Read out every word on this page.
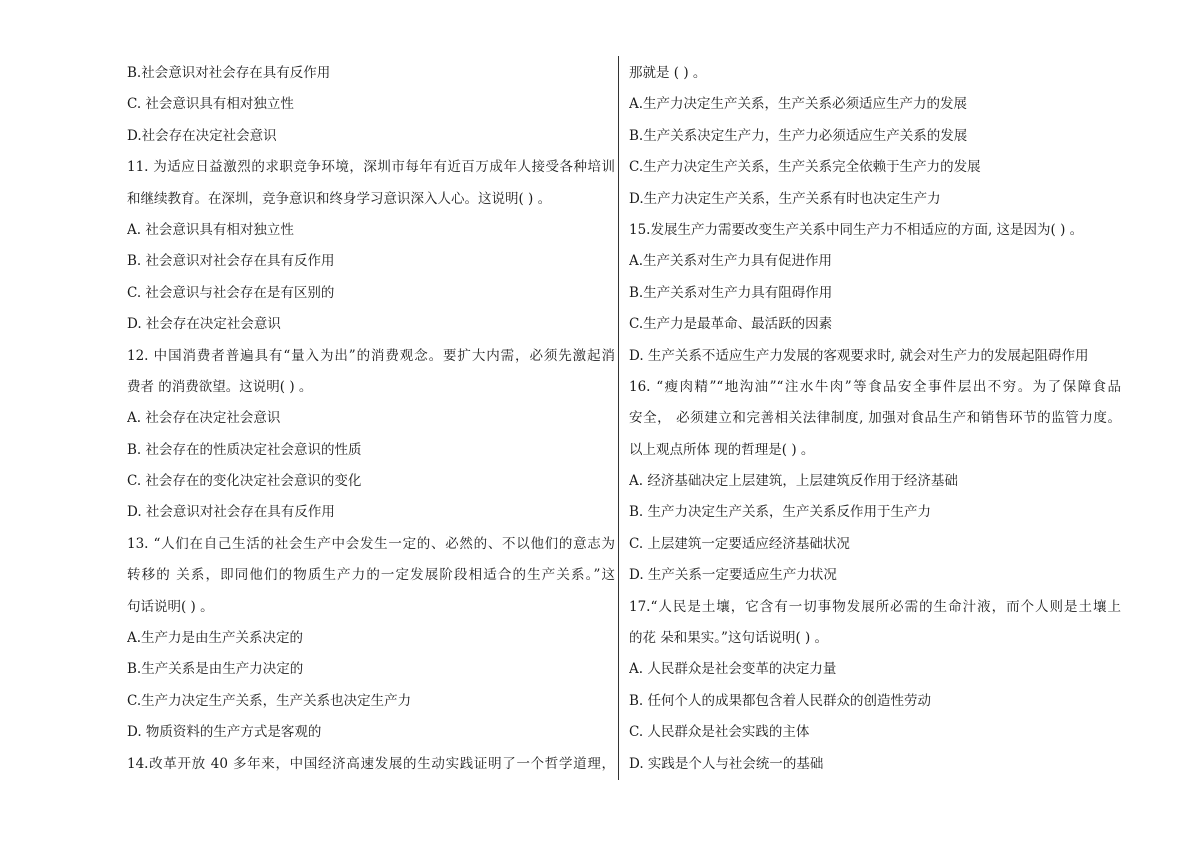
B.社会意识对社会存在具有反作用
C. 社会意识具有相对独立性
D.社会存在决定社会意识
11. 为适应日益激烈的求职竞争环境，深圳市每年有近百万成年人接受各种培训
和继续教育。在深圳，竞争意识和终身学习意识深入人心。这说明( ) 。
A. 社会意识具有相对独立性
B. 社会意识对社会存在具有反作用
C. 社会意识与社会存在是有区别的
D. 社会存在决定社会意识
12. 中国消费者普遍具有“量入为出”的消费观念。要扩大内需，必须先激起消
费者 的消费欲望。这说明( ) 。
A. 社会存在决定社会意识
B. 社会存在的性质决定社会意识的性质
C. 社会存在的变化决定社会意识的变化
D. 社会意识对社会存在具有反作用
13. “人们在自己生活的社会生产中会发生一定的、必然的、不以他们的意志为
转移的 关系，即同他们的物质生产力的一定发展阶段相适合的生产关系。”这
句话说明( ) 。
A.生产力是由生产关系决定的
B.生产关系是由生产力决定的
C.生产力决定生产关系，生产关系也决定生产力
D. 物质资料的生产方式是客观的
14.改革开放 40 多年来，中国经济高速发展的生动实践证明了一个哲学道理，
那就是 ( ) 。
A.生产力决定生产关系，生产关系必须适应生产力的发展
B.生产关系决定生产力，生产力必须适应生产关系的发展
C.生产力决定生产关系，生产关系完全依赖于生产力的发展
D.生产力决定生产关系，生产关系有时也决定生产力
15.发展生产力需要改变生产关系中同生产力不相适应的方面, 这是因为( ) 。
A.生产关系对生产力具有促进作用
B.生产关系对生产力具有阻碍作用
C.生产力是最革命、最活跃的因素
D. 生产关系不适应生产力发展的客观要求时, 就会对生产力的发展起阻碍作用
16. “瘦肉精”“地沟油”“注水牛肉”等食品安全事件层出不穷。为了保障食品
安全， 必须建立和完善相关法律制度, 加强对食品生产和销售环节的监管力度。
以上观点所体 现的哲理是( ) 。
A. 经济基础决定上层建筑，上层建筑反作用于经济基础
B. 生产力决定生产关系，生产关系反作用于生产力
C. 上层建筑一定要适应经济基础状况
D. 生产关系一定要适应生产力状况
17.“人民是土壤，它含有一切事物发展所必需的生命汁液，而个人则是土壤上
的花 朵和果实。”这句话说明( ) 。
A. 人民群众是社会变革的决定力量
B. 任何个人的成果都包含着人民群众的创造性劳动
C. 人民群众是社会实践的主体
D. 实践是个人与社会统一的基础
